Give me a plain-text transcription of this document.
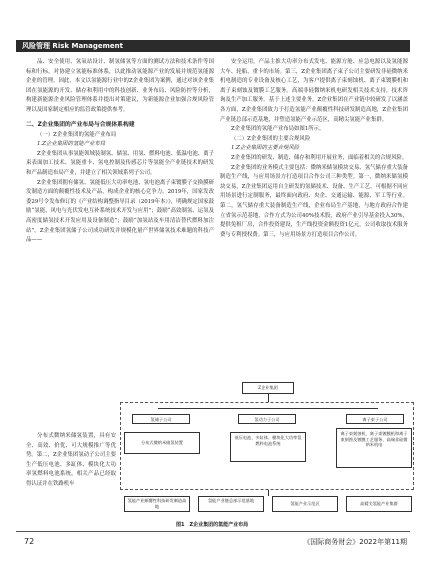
风险管理 Risk Management

品、安全使用、氢氧站设计、制氢储氢等方面的测试方法和技术条件等国标和行标，对协建立氢能标准体系，以此推动氢能源产业的发展并规范氢能源企业的管理。因此，本文以氢能源行业中的Z企业集团为案例，通过对该企业集团在氢能源的开发、储存和利用中的科技创新、业务布局、风险防控等分析，构建新能源企业风险管理体系并提出对策建议，为新能源企业加强合规风险管理以及国家制定相应的监管政策提供参考。

二、Z企业集团的产业布局与合规体系构建
（一）Z企业集团的氢能产业布局
1.Z企业集团的氢能产业布局

Z企业集团从事氢能领域装制氢、储氢、用氢、燃料电池、低温电池、离子束表面加工技术、氢能重卡、氢电控制及传感芯片等氢能全产业链技术的研发和产品制造布局产业，并建立了相关领域系列子公司。

Z企业集团拥有储氢、氢能低压大功率电池、氢电池离子束镀膜子交换膜研发制造方面的颠覆性技术及产品，构成企业的核心竞争力。2019年，国家发改委29号令发布修订的《产业结构调整指导目录（2019年本）》，明确规定国家鼓励“氢能、风电与光伏发电互补系统技术开发与应用”；鼓励“高效制氢、运氢及高密度储氢技术开发应用及设备制造”；鼓励“加氢站及车用清洁替代燃料加注站”。Z企业集团氢储子公司成功研发并规模化量产世界储氢技术难题的科技产品——

安全运用，产品主推大功率分布式发电、能源方舱、应急电源以及氢能源大车、轮船、重卡的市场。第三，Z企业集团离子束子公司主要研发非硅微纳米机电制造的专业设备及核心工艺，为客户提供离子束刻蚀机、离子束镀膜机和离子束刻蚀及镀膜工艺服务。高端非硅微纳米机电研发相关技术支持，技术咨询及生产加工服务。基于上述主要业务，Z企业集团在产业链中较研发了以涵盖各方面，Z企业集团致力于打造氢能产业颠覆性科技研发制造高地，Z企业集团产业链总部示范基地，并塑造氢能产业示范区，高精尖氢能产业集群。

Z企业集团的氢能产业布局如图1所示。

（二）Z企业集团的主要合规风险
1.Z企业集团的主要合规风险

Z企业集团的研发、制造、储存和利用开展业务，面临着相关的合规风险。

Z企业集团的业务模式主要包括：微纳米储氢模块交易、氢气储存重大装备制造生产线，与应用场景方打造项目合作公司三种类型。第一，微纳米储氢模块交易，Z企业集团运用自主研发的氢储技术、设备、生产工艺，可根据不同应用场景进行定制服务，最终面向政府、央企、交通运输、能源、军工等行业。第二，氢气储存重大装备制造生产线，企业布局生产基地，与地方政府合作建立省氢示范基地，合作方式为公司40%技术股，政府产业引导基金投入30%，提供免租厂房，合作投资建设，生产线投资金额投资1亿元，公司收取技术服务费与专利授权费。第三，与应用场景方打造项目合作公司。

分布式微纳米储氢装置，具有安全、高效、价优、可大规模推广等优势。第二，Z企业集团氢动子公司主要生产低压电池、多缸体、模块化大功率氢燃料电池系统，相关产品已经取得认证并在铁路机车

Z企业集团
氢储子公司	氢动力子公司	离子束子公司
分布式微纳米储氢装置
低压电池、多缸体、模块化大功率氢燃料电池系统
离子束刻蚀机、离子束镀膜机和离子束刻蚀及镀膜工艺服务、高端非硅微纳米机电
氢能产业颠覆性科技研发制造高地
氢能产业链总部示范基地
氢能产业示范区	高精尖氢能产业集群
图1　Z企业集团的氢能产业布局
72	《国际商务财会》2022年第11期
